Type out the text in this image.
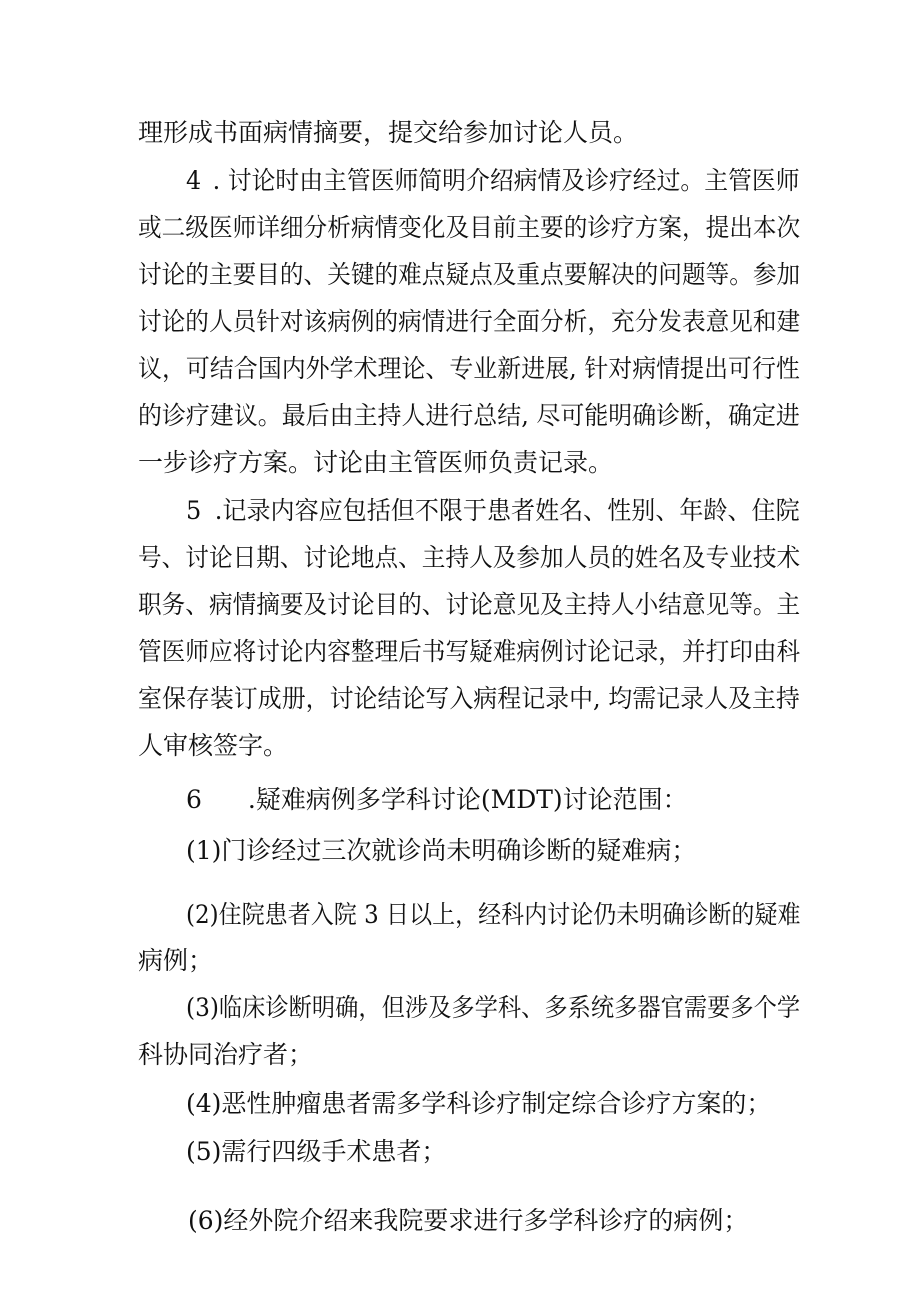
理形成书面病情摘要，提交给参加讨论人员。
4 . 讨论时由主管医师简明介绍病情及诊疗经过。主管医师
或二级医师详细分析病情变化及目前主要的诊疗方案，提出本次
讨论的主要目的、关键的难点疑点及重点要解决的问题等。参加
讨论的人员针对该病例的病情进行全面分析，充分发表意见和建
议，可结合国内外学术理论、专业新进展, 针对病情提出可行性
的诊疗建议。最后由主持人进行总结, 尽可能明确诊断，确定进
一步诊疗方案。讨论由主管医师负责记录。
5 .记录内容应包括但不限于患者姓名、性别、年龄、住院
号、讨论日期、讨论地点、主持人及参加人员的姓名及专业技术
职务、病情摘要及讨论目的、讨论意见及主持人小结意见等。主
管医师应将讨论内容整理后书写疑难病例讨论记录，并打印由科
室保存装订成册，讨论结论写入病程记录中, 均需记录人及主持
人审核签字。
6 .疑难病例多学科讨论(MDT)讨论范围：
(1)门诊经过三次就诊尚未明确诊断的疑难病；
(2)住院患者入院 3 日以上，经科内讨论仍未明确诊断的疑难
病例；
(3)临床诊断明确，但涉及多学科、多系统多器官需要多个学
科协同治疗者；
(4)恶性肿瘤患者需多学科诊疗制定综合诊疗方案的；
(5)需行四级手术患者；
(6)经外院介绍来我院要求进行多学科诊疗的病例；
